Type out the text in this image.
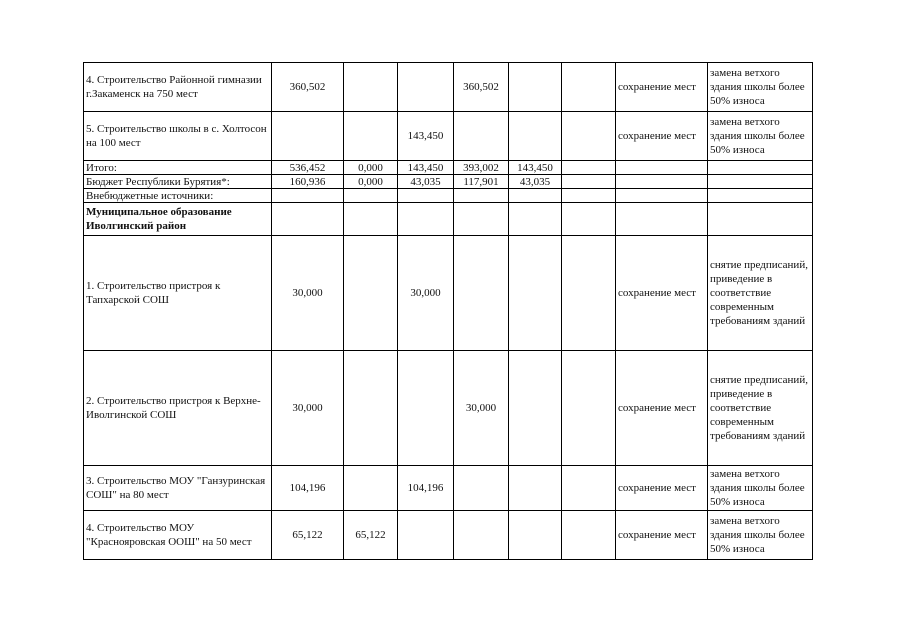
4. Строительство Районной гимназии г.Закаменск на 750 мест	360,502			360,502			сохранение мест	замена ветхого здания школы более 50% износа
5. Строительство школы в с. Холтосон на 100 мест			143,450				сохранение мест	замена ветхого здания школы более 50% износа
Итого:	536,452	0,000	143,450	393,002	143,450			
Бюджет Республики Бурятия*:	160,936	0,000	43,035	117,901	43,035			
Внебюджетные источники:								
Муниципальное образование Иволгинский район								
1. Строительство пристроя к Тапхарской СОШ	30,000		30,000				сохранение мест	снятие предписаний, приведение в соответствие современным требованиям зданий
2. Строительство пристроя к Верхне-Иволгинской СОШ	30,000			30,000			сохранение мест	снятие предписаний, приведение в соответствие современным требованиям зданий
3. Строительство МОУ "Ганзуринская СОШ" на 80 мест	104,196		104,196				сохранение мест	замена ветхого здания школы более 50% износа
4. Строительство МОУ "Краснояровская ООШ" на 50 мест	65,122	65,122					сохранение мест	замена ветхого здания школы более 50% износа
